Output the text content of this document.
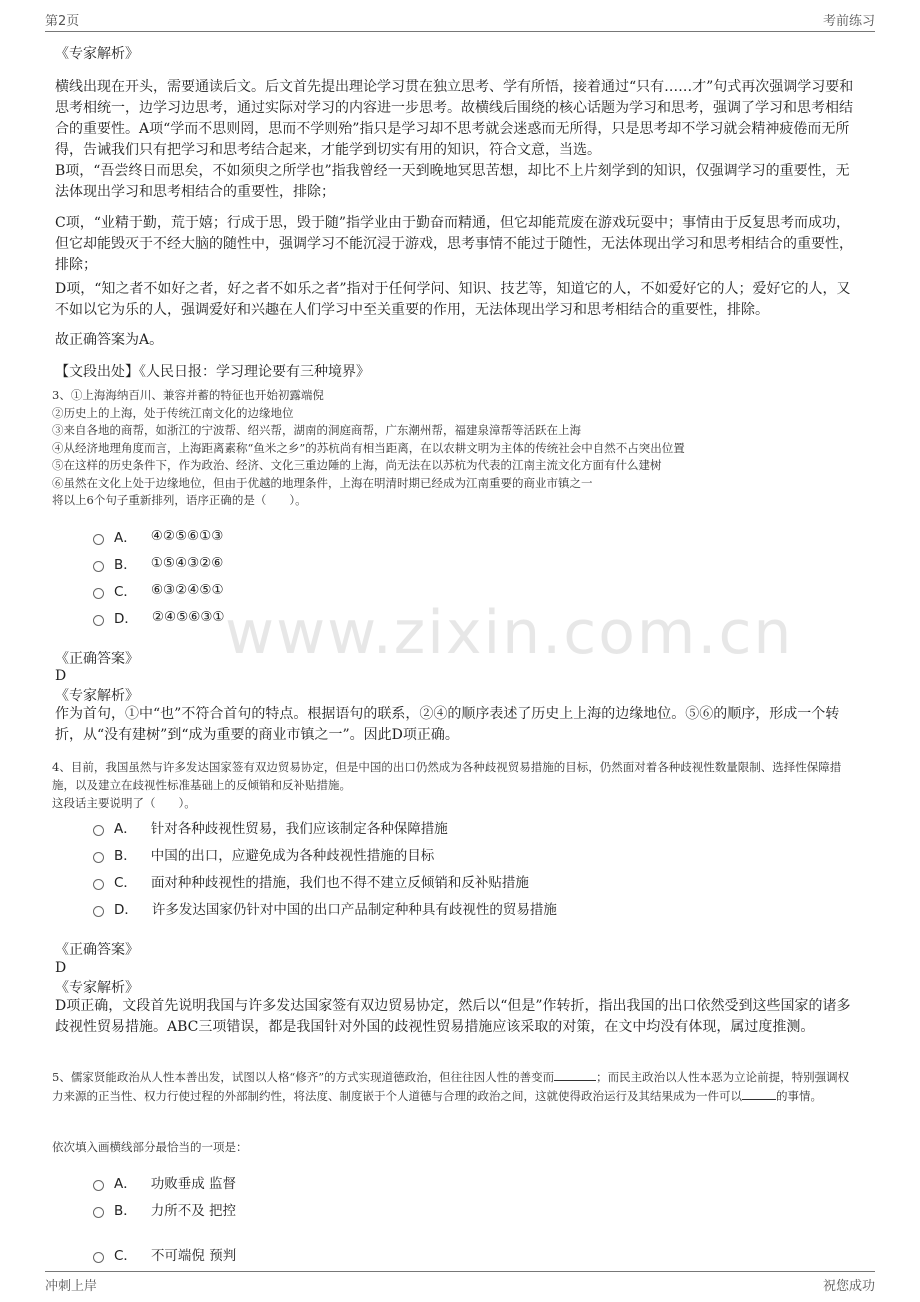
第2页	考前练习
www.zixin.com.cn
《专家解析》
横线出现在开头，需要通读后文。后文首先提出理论学习贯在独立思考、学有所悟，接着通过“只有……才”句式再次强调学习要和思考相统一，边学习边思考，通过实际对学习的内容进一步思考。故横线后围绕的核心话题为学习和思考，强调了学习和思考相结合的重要性。A项“学而不思则罔，思而不学则殆”指只是学习却不思考就会迷惑而无所得，只是思考却不学习就会精神疲倦而无所得，告诫我们只有把学习和思考结合起来，才能学到切实有用的知识，符合文意，当选。
B项，“吾尝终日而思矣，不如须臾之所学也”指我曾经一天到晚地冥思苦想，却比不上片刻学到的知识，仅强调学习的重要性，无法体现出学习和思考相结合的重要性，排除；
C项，“业精于勤，荒于嬉；行成于思，毁于随”指学业由于勤奋而精通，但它却能荒废在游戏玩耍中；事情由于反复思考而成功，但它却能毁灭于不经大脑的随性中，强调学习不能沉浸于游戏，思考事情不能过于随性，无法体现出学习和思考相结合的重要性，排除；
D项，“知之者不如好之者，好之者不如乐之者”指对于任何学问、知识、技艺等，知道它的人，不如爱好它的人；爱好它的人，又不如以它为乐的人，强调爱好和兴趣在人们学习中至关重要的作用，无法体现出学习和思考相结合的重要性，排除。
故正确答案为A。
【文段出处】《人民日报：学习理论要有三种境界》
3、①上海海纳百川、兼容并蓄的特征也开始初露端倪
②历史上的上海，处于传统江南文化的边缘地位
③来自各地的商帮，如浙江的宁波帮、绍兴帮，湖南的洞庭商帮，广东潮州帮，福建泉漳帮等活跃在上海
④从经济地理角度而言，上海距离素称“鱼米之乡”的苏杭尚有相当距离，在以农耕文明为主体的传统社会中自然不占突出位置
⑤在这样的历史条件下，作为政治、经济、文化三重边陲的上海，尚无法在以苏杭为代表的江南主流文化方面有什么建树
⑥虽然在文化上处于边缘地位，但由于优越的地理条件，上海在明清时期已经成为江南重要的商业市镇之一
将以上6个句子重新排列，语序正确的是（　　）。
A． ④②⑤⑥①③
B． ①⑤④③②⑥
C． ⑥③②④⑤①
D． ②④⑤⑥③①
《正确答案》
D
《专家解析》
作为首句，①中“也”不符合首句的特点。根据语句的联系，②④的顺序表述了历史上上海的边缘地位。⑤⑥的顺序，形成一个转折，从“没有建树”到“成为重要的商业市镇之一”。因此D项正确。
4、目前，我国虽然与许多发达国家签有双边贸易协定，但是中国的出口仍然成为各种歧视贸易措施的目标，仍然面对着各种歧视性数量限制、选择性保障措施，以及建立在歧视性标准基础上的反倾销和反补贴措施。
这段话主要说明了（　　）。
A． 针对各种歧视性贸易，我们应该制定各种保障措施
B． 中国的出口，应避免成为各种歧视性措施的目标
C． 面对种种歧视性的措施，我们也不得不建立反倾销和反补贴措施
D． 许多发达国家仍针对中国的出口产品制定种种具有歧视性的贸易措施
《正确答案》
D
《专家解析》
D项正确，文段首先说明我国与许多发达国家签有双边贸易协定，然后以“但是”作转折，指出我国的出口依然受到这些国家的诸多歧视性贸易措施。ABC三项错误，都是我国针对外国的歧视性贸易措施应该采取的对策，在文中均没有体现，属过度推测。
5、儒家贤能政治从人性本善出发，试图以人格“修齐”的方式实现道德政治，但往往因人性的善变而	；而民主政治以人性本恶为立论前提，特别强调权力来源的正当性、权力行使过程的外部制约性，将法度、制度嵌于个人道德与合理的政治之间，这就使得政治运行及其结果成为一件可以	的事情。
依次填入画横线部分最恰当的一项是：
A． 功败垂成 监督
B． 力所不及 把控
C． 不可端倪 预判
冲刺上岸	祝您成功
